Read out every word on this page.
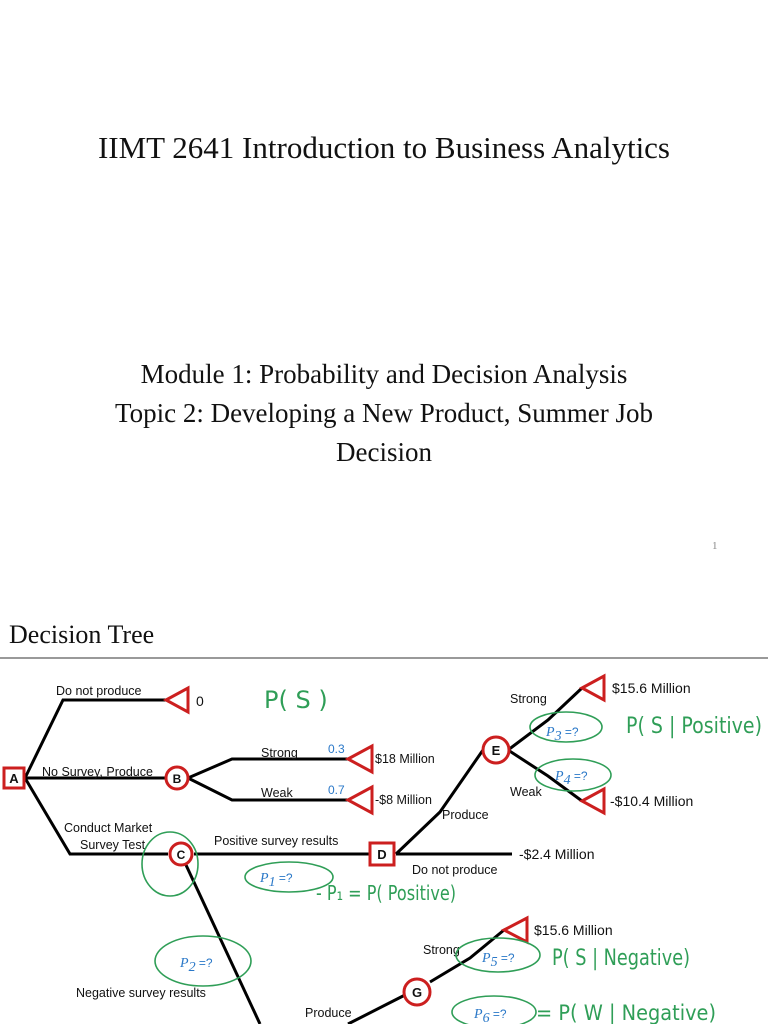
IIMT 2641 Introduction to Business Analytics
Module 1: Probability and Decision Analysis
Topic 2: Developing a New Product, Summer Job
Decision
1
Decision Tree
A
D
B
C
E
G
Do not produce
No Survey, Produce
Conduct Market
Survey Test	Positive survey results
Negative survey results
Strong
Weak
Strong
Weak
Produce
Do not produce
Strong
Produce
0.3
0.7
0
$18 Million
-$8 Million
$15.6 Million
-$10.4 Million
-$2.4 Million
$15.6 Million
P3 =?
P4 =?
P1 =?
P2 =?	P5 =?
P6 =?
P( S )
P( S | Positive)
- P₁ = P( Positive)
P( S | Negative)
= P( W | Negative)
